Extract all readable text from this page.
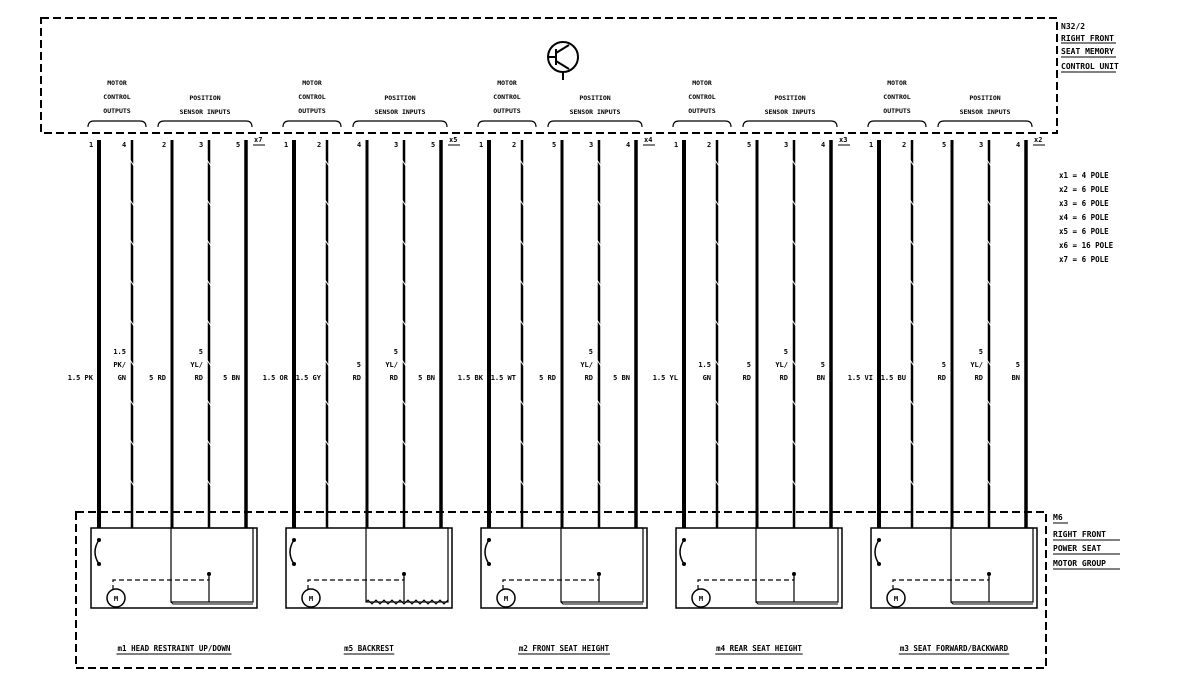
N32/2
RIGHT FRONT
SEAT MEMORY
CONTROL UNIT
x1 = 4 POLE
x2 = 6 POLE
x3 = 6 POLE
x4 = 6 POLE
x5 = 6 POLE
x6 = 16 POLE
x7 = 6 POLE
M6
RIGHT FRONT
POWER SEAT
MOTOR GROUP
MOTOR
CONTROL
OUTPUTS
POSITION
SENSOR INPUTS
x7
1
1.5 PK
4
1.5
PK/
GN
2
5 RD
3
5
YL/
RD
5
5 BN
M
m1 HEAD RESTRAINT UP/DOWN
MOTOR
CONTROL
OUTPUTS
POSITION
SENSOR INPUTS
x5
1
1.5 OR
2
1.5 GY
4
5
RD
3
5
YL/
RD
5
5 BN
M
m5 BACKREST
MOTOR
CONTROL
OUTPUTS
POSITION
SENSOR INPUTS
x4
1
1.5 BK
2
1.5 WT
5
5 RD
3
5
YL/
RD
4
5 BN
M
m2 FRONT SEAT HEIGHT
MOTOR
CONTROL
OUTPUTS
POSITION
SENSOR INPUTS
x3
1
1.5 YL
2
1.5
GN
5
5
RD
3
5
YL/
RD
4
5
BN
M
m4 REAR SEAT HEIGHT
MOTOR
CONTROL
OUTPUTS
POSITION
SENSOR INPUTS
x2
1
1.5 VI
2
1.5 BU
5
5
RD
3
5
YL/
RD
4
5
BN
M
m3 SEAT FORWARD/BACKWARD
